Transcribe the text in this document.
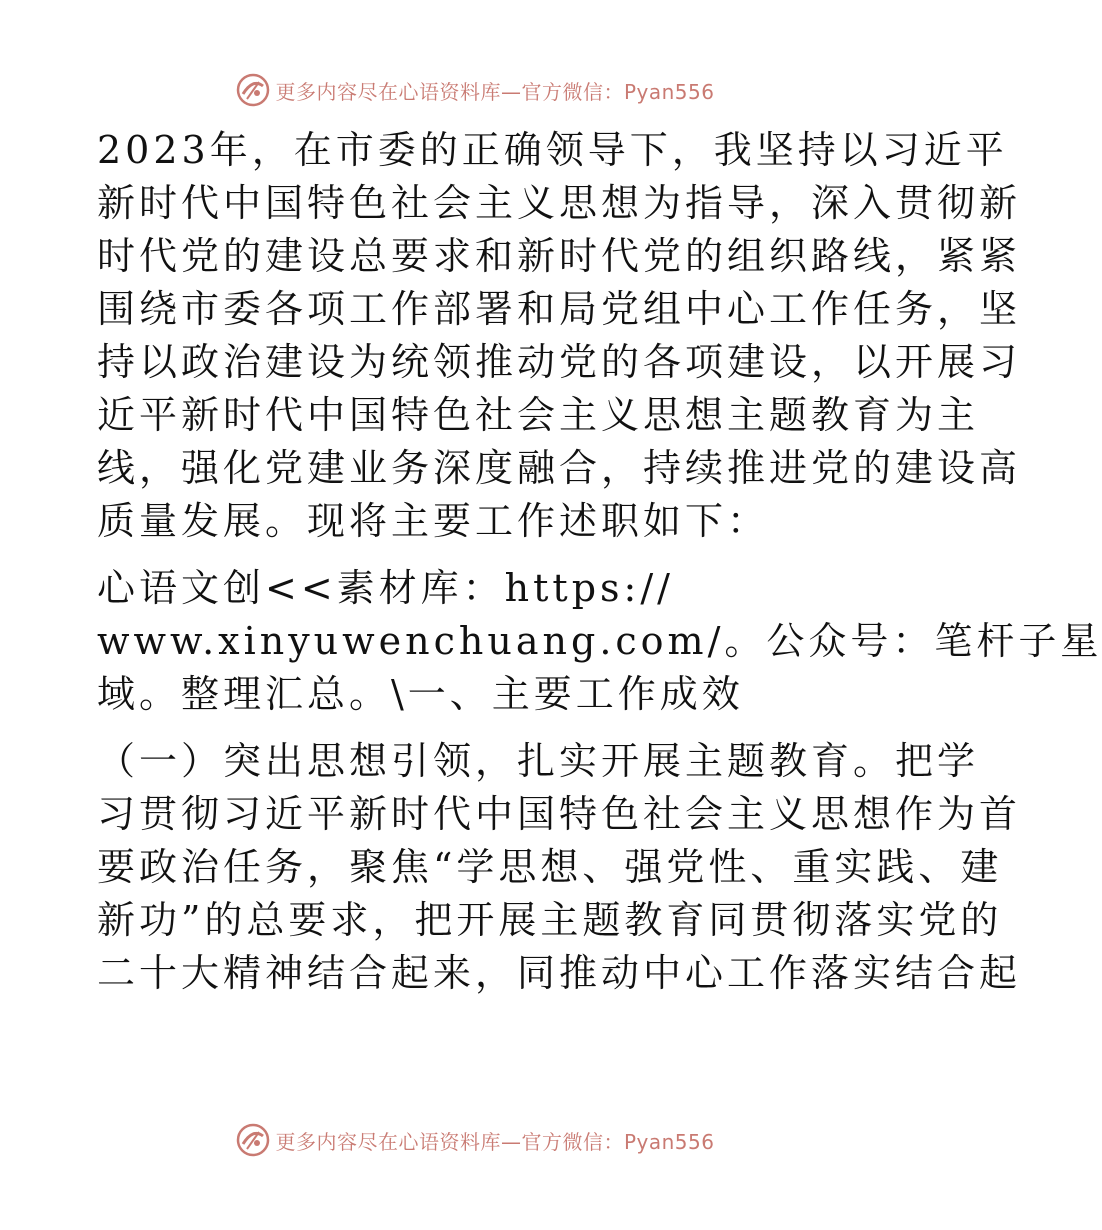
更多内容尽在心语资料库—官方微信：Pyan556

2023年，在市委的正确领导下，我坚持以习近平
新时代中国特色社会主义思想为指导，深入贯彻新
时代党的建设总要求和新时代党的组织路线，紧紧
围绕市委各项工作部署和局党组中心工作任务，坚
持以政治建设为统领推动党的各项建设，以开展习
近平新时代中国特色社会主义思想主题教育为主
线，强化党建业务深度融合，持续推进党的建设高
质量发展。现将主要工作述职如下：

心语文创<<素材库：https://
www.xinyuwenchuang.com/。公众号：笔杆子星
域。整理汇总。\一、主要工作成效

（一）突出思想引领，扎实开展主题教育。把学
习贯彻习近平新时代中国特色社会主义思想作为首
要政治任务，聚焦“学思想、强党性、重实践、建
新功”的总要求，把开展主题教育同贯彻落实党的
二十大精神结合起来，同推动中心工作落实结合起

更多内容尽在心语资料库—官方微信：Pyan556
